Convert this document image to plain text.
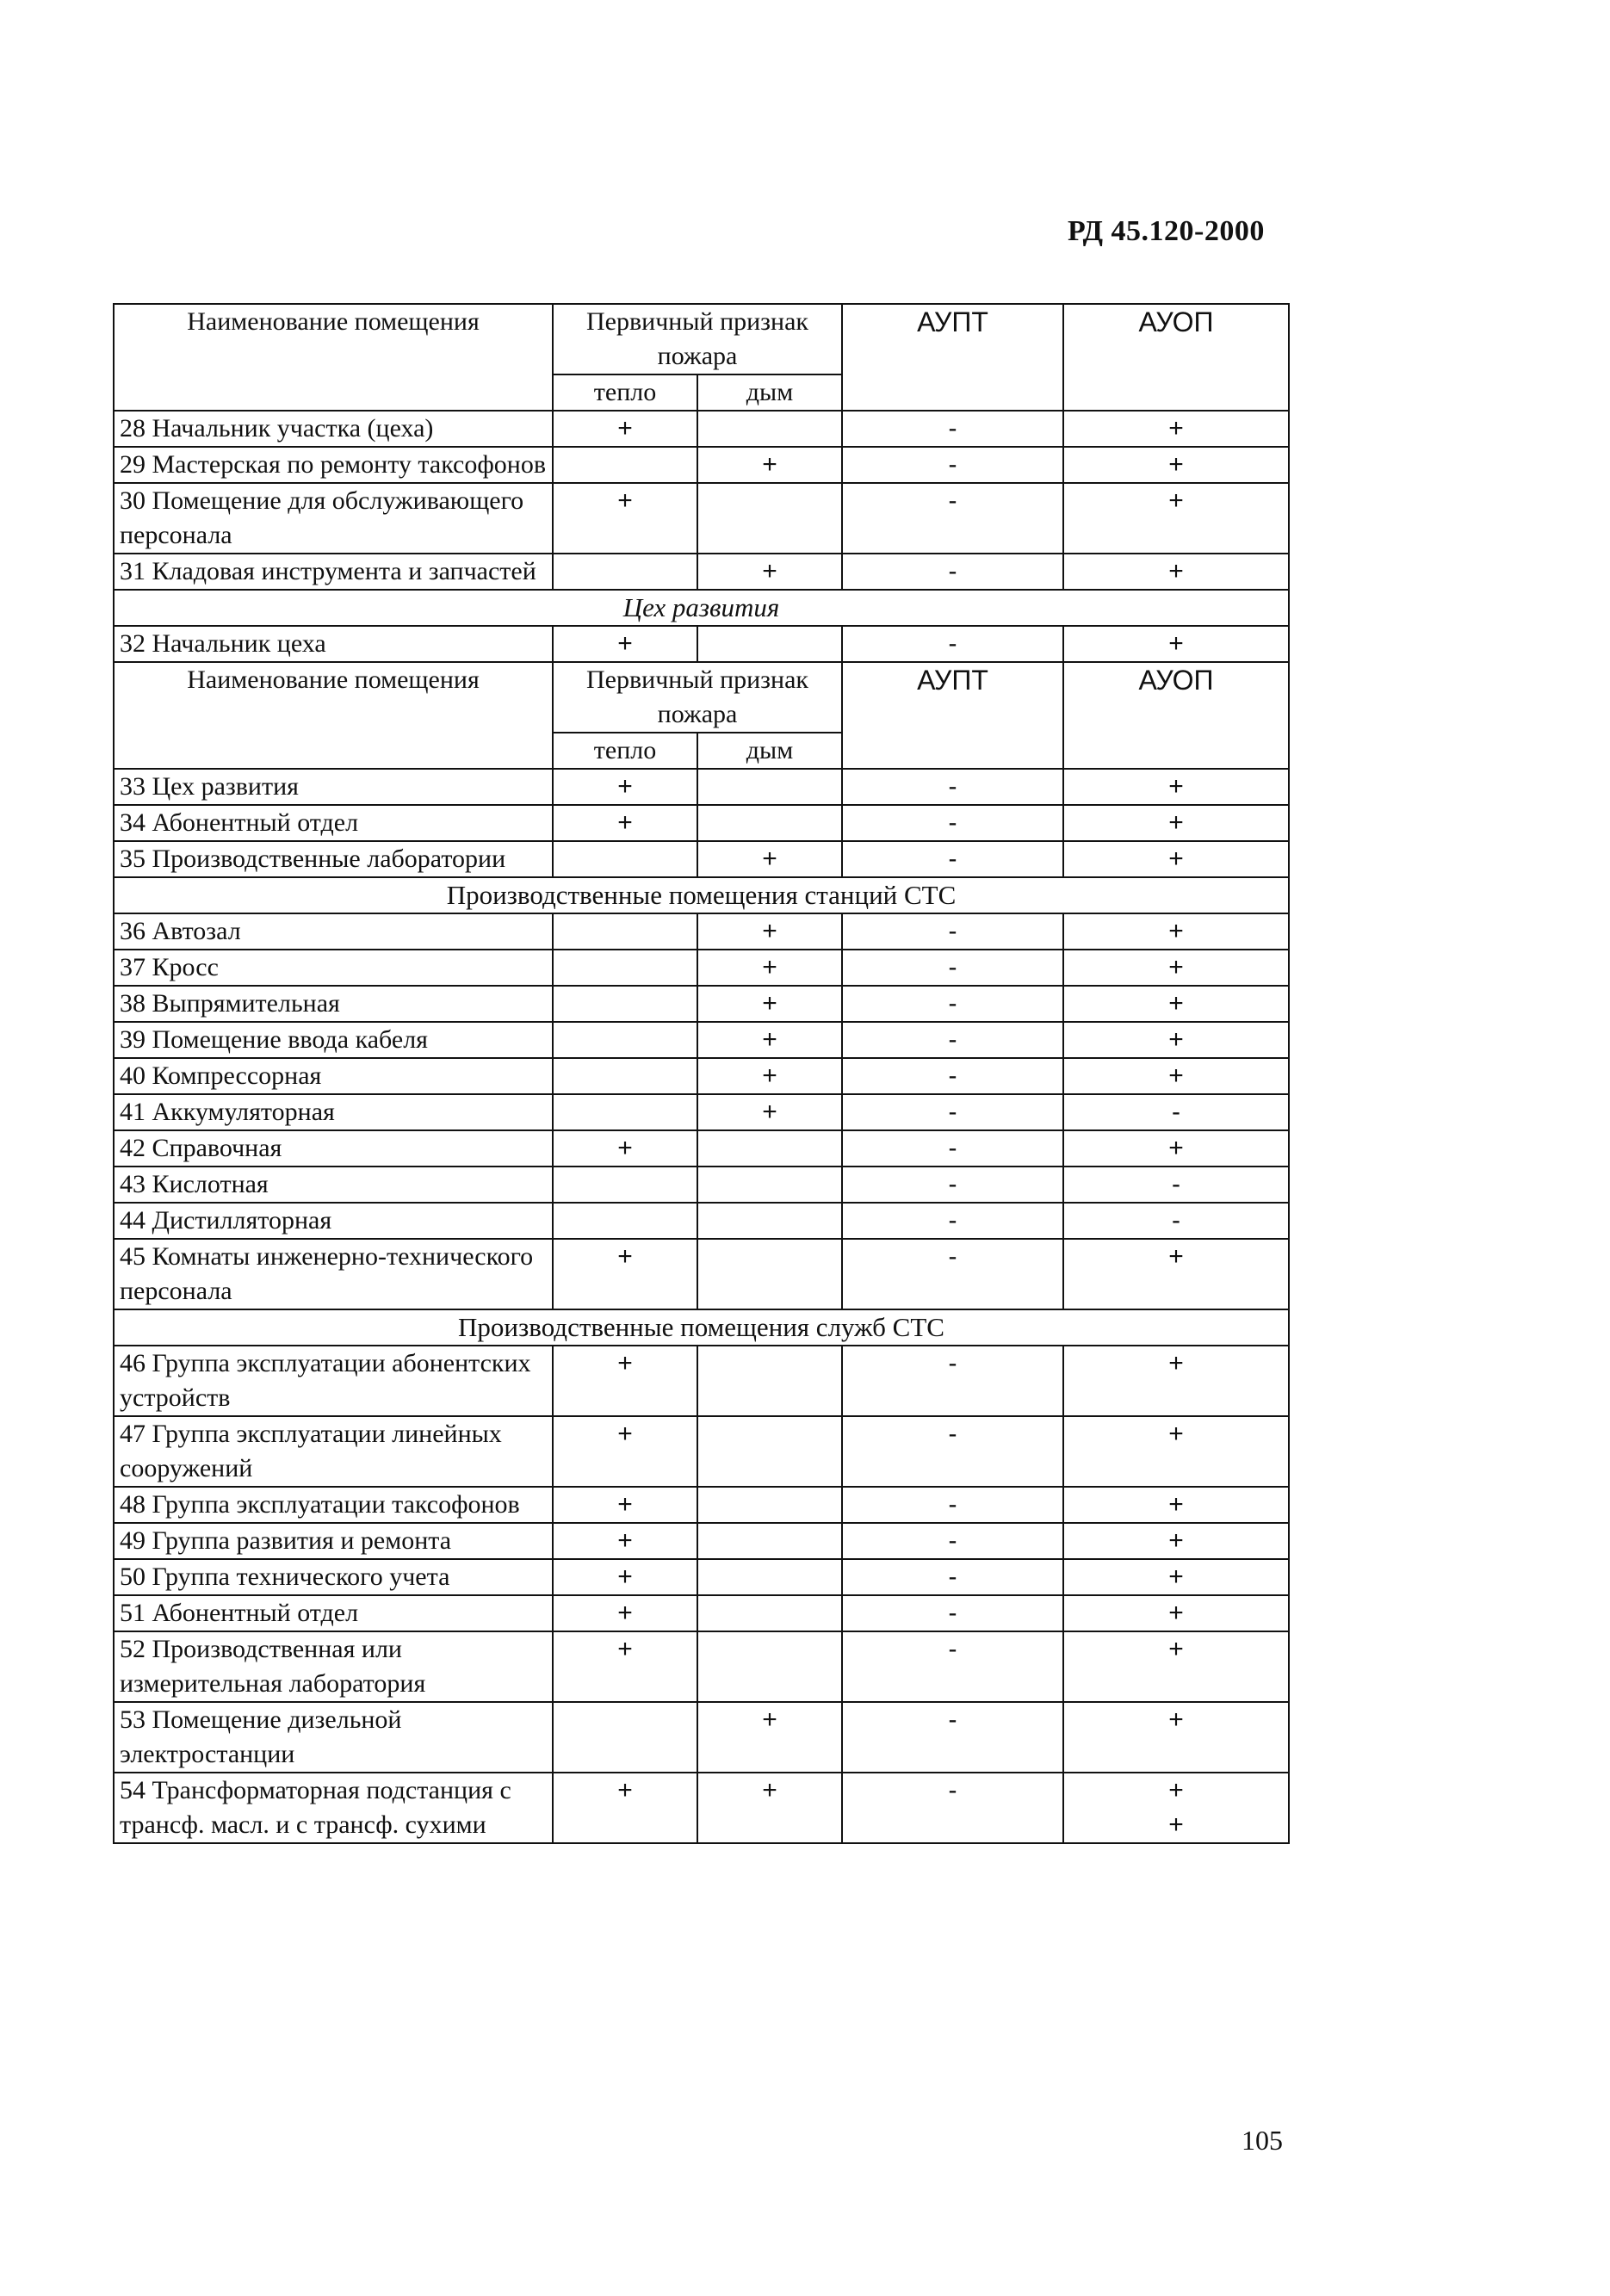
РД 45.120-2000
Наименование помещения	Первичный признак
пожара		АУПТ	АУОП
	тепло	дым		
28 Начальник участка (цеха)	+		-	+
29 Мастерская по ремонту таксофонов		+	-	+
30 Помещение для обслуживающего персонала	+		-	+
31 Кладовая инструмента и запчастей		+	-	+
Цех развития				
32 Начальник цеха	+		-	+
Наименование помещения	Первичный признак
пожара		АУПТ	АУОП
	тепло	дым		
33 Цех развития	+		-	+
34 Абонентный отдел	+		-	+
35 Производственные лаборатории		+	-	+
Производственные помещения станций СТС				
36 Автозал		+	-	+
37 Кросс		+	-	+
38 Выпрямительная		+	-	+
39 Помещение ввода кабеля		+	-	+
40 Компрессорная		+	-	+
41 Аккумуляторная		+	-	-
42 Справочная	+		-	+
43 Кислотная			-	-
44 Дистилляторная			-	-
45 Комнаты инженерно-технического персонала	+		-	+
Производственные помещения служб СТС				
46 Группа эксплуатации абонентских устройств	+		-	+
47 Группа эксплуатации линейных сооружений	+		-	+
48 Группа эксплуатации таксофонов	+		-	+
49 Группа развития и ремонта	+		-	+
50 Группа технического учета	+		-	+
51 Абонентный отдел	+		-	+
52 Производственная или измерительная лаборатория	+		-	+
53 Помещение дизельной электростанции		+	-	+
54 Трансформаторная подстанция с трансф. масл. и с трансф. сухими	+	+	-	+
+
105
